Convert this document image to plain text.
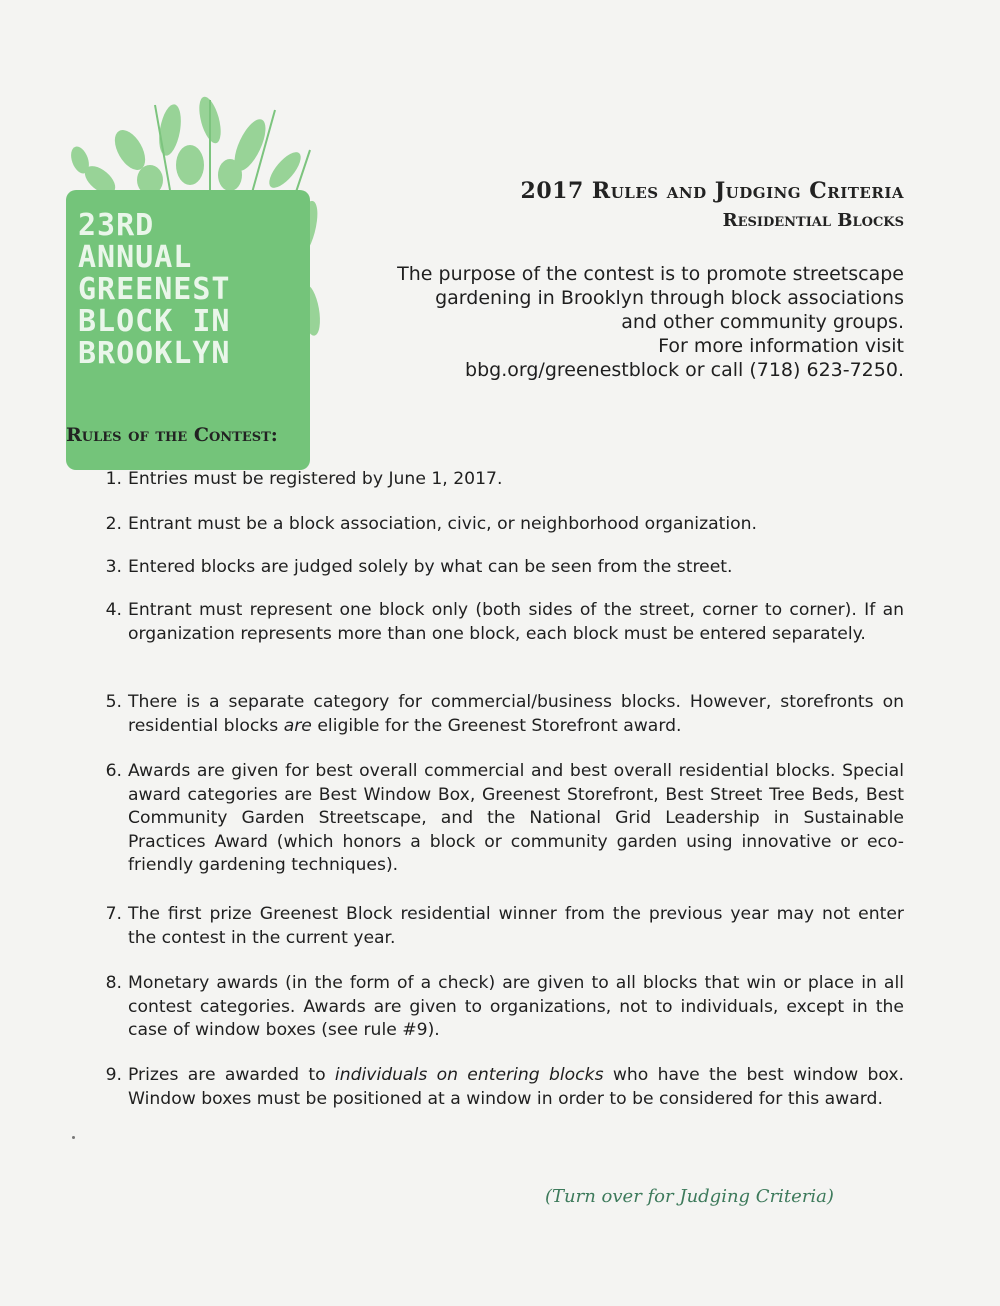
23RD
ANNUAL
GREENEST
BLOCK IN
BROOKLYN
2017 Rules and Judging Criteria
Residential Blocks
The purpose of the contest is to promote streetscape
gardening in Brooklyn through block associations
and other community groups.
For more information visit
bbg.org/greenestblock or call (718) 623-7250.
Rules of the Contest:
1. Entries must be registered by June 1, 2017.
2. Entrant must be a block association, civic, or neighborhood organization.
3. Entered blocks are judged solely by what can be seen from the street.
4. Entrant must represent one block only (both sides of the street, corner to corner). If an organization represents more than one block, each block must be entered separately.
5. There is a separate category for commercial/business blocks. However, storefronts on residential blocks are eligible for the Greenest Storefront award.
6. Awards are given for best overall commercial and best overall residential blocks. Special award categories are Best Window Box, Greenest Storefront, Best Street Tree Beds, Best Community Garden Streetscape, and the National Grid Leadership in Sustainable Practices Award (which honors a block or community garden using innovative or eco-friendly gardening techniques).
7. The first prize Greenest Block residential winner from the previous year may not enter the contest in the current year.
8. Monetary awards (in the form of a check) are given to all blocks that win or place in all contest categories. Awards are given to organizations, not to individuals, except in the case of window boxes (see rule #9).
9. Prizes are awarded to individuals on entering blocks who have the best window box. Window boxes must be positioned at a window in order to be considered for this award.
(Turn over for Judging Criteria)
